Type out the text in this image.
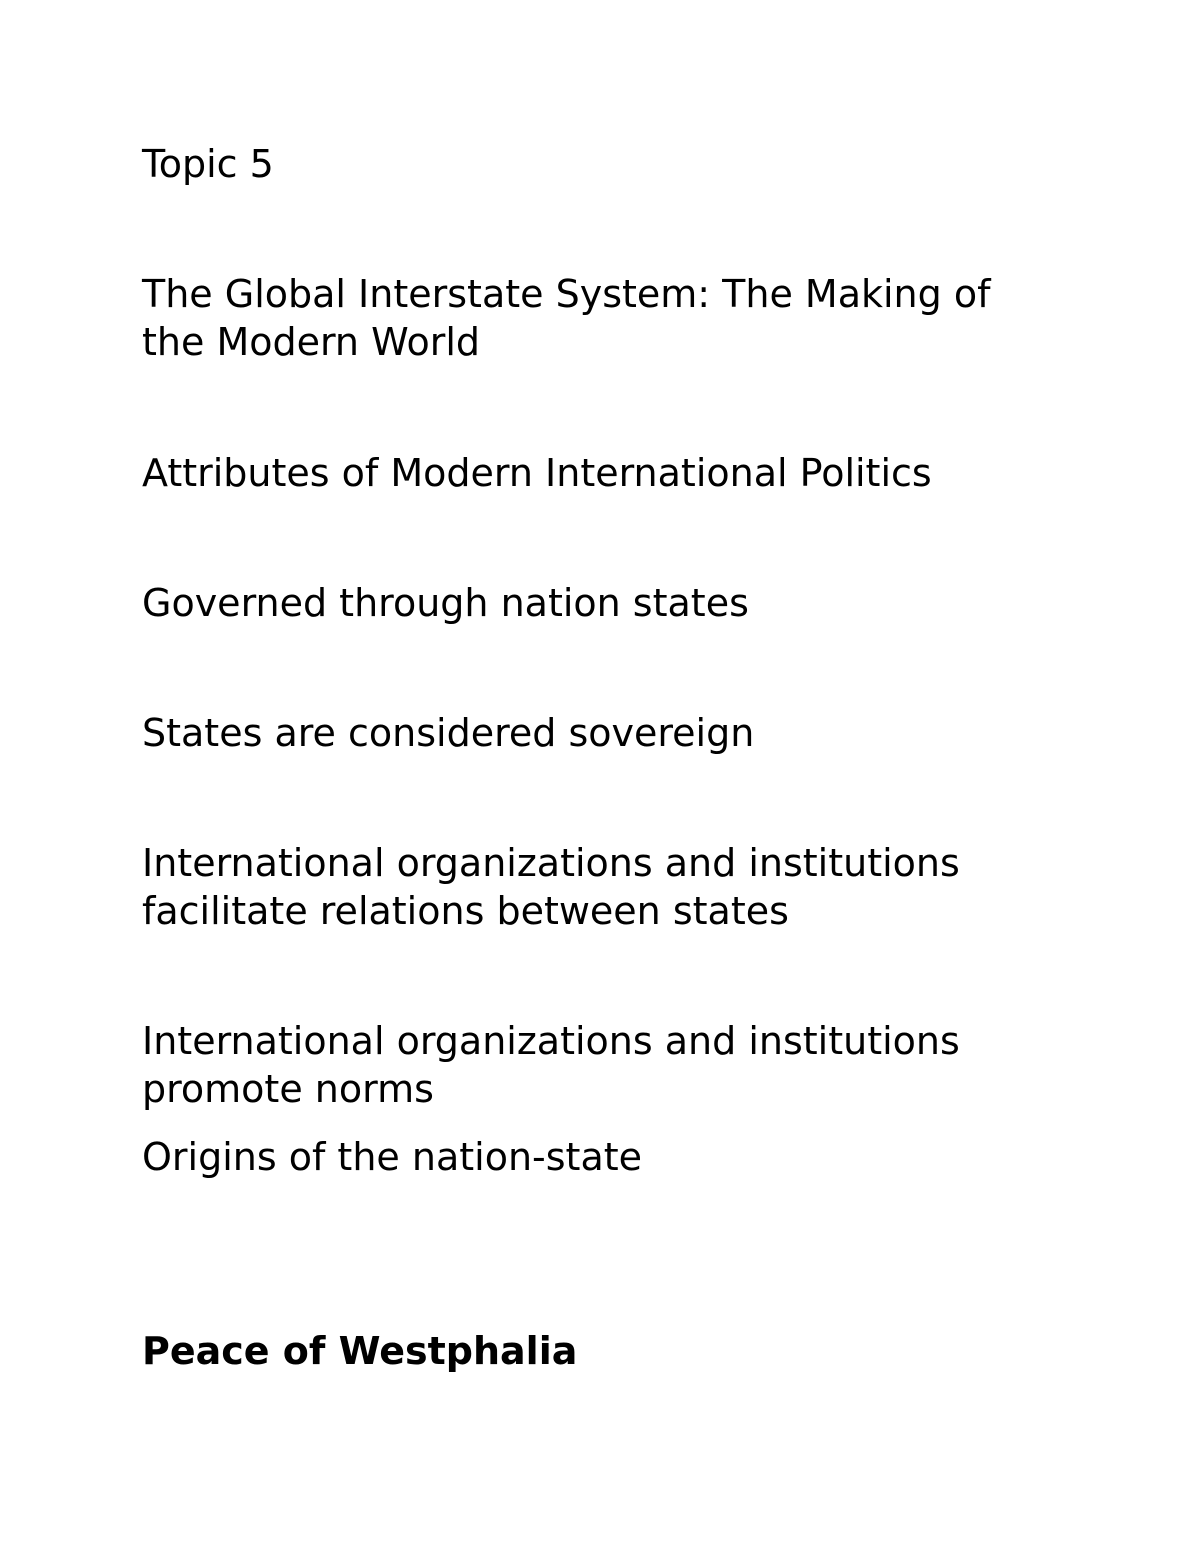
Topic 5

The Global Interstate System: The Making of

the Modern World

Attributes of Modern International Politics

Governed through nation states

States are considered sovereign

International organizations and institutions

facilitate relations between states

International organizations and institutions

promote norms

Origins of the nation-state

Peace of Westphalia
